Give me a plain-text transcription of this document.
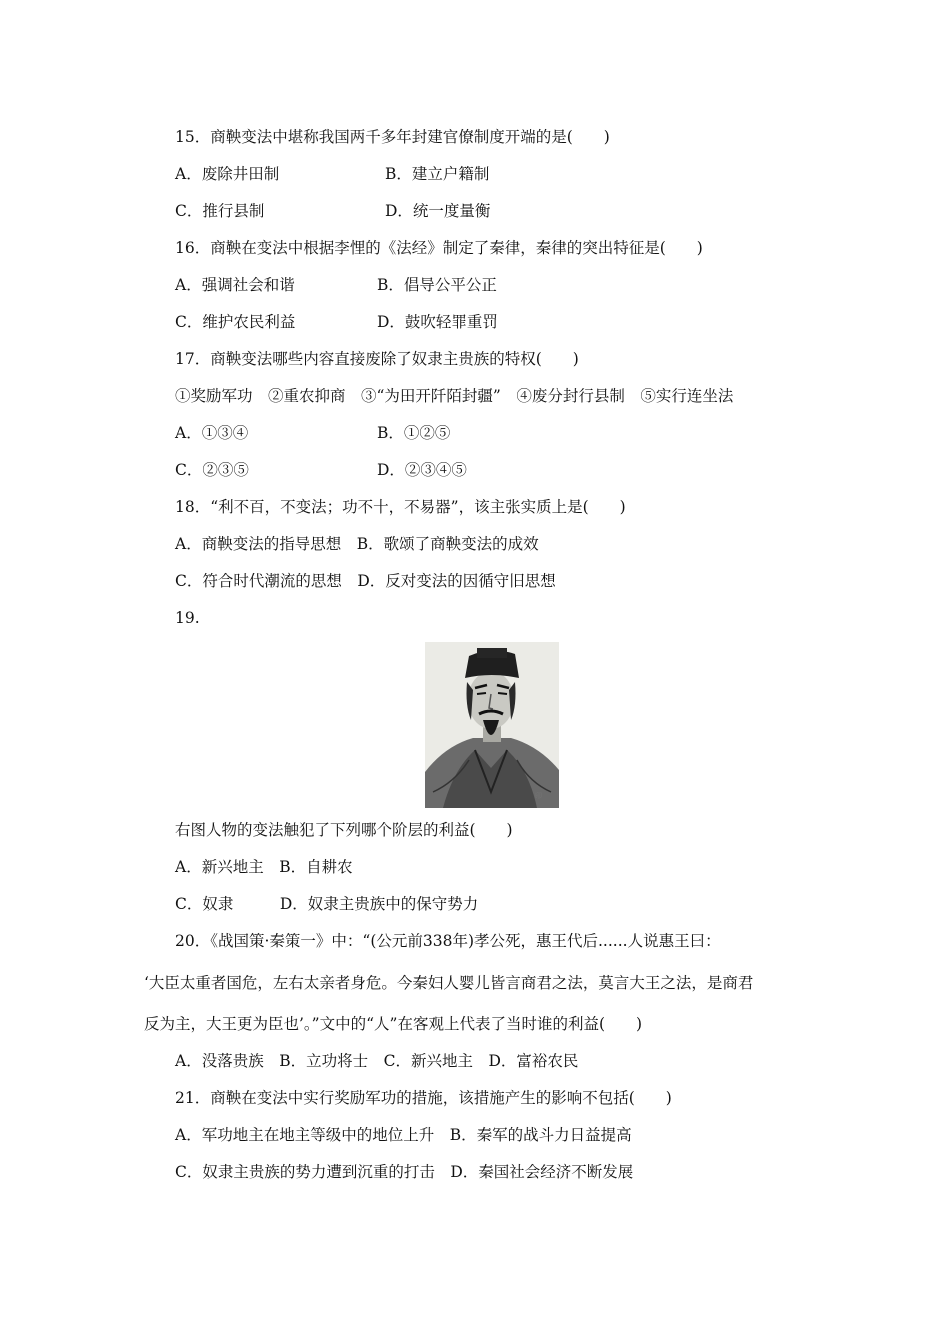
15．商鞅变法中堪称我国两千多年封建官僚制度开端的是(　　)
A．废除井田制	B．建立户籍制
C．推行县制	D．统一度量衡
16．商鞅在变法中根据李悝的《法经》制定了秦律，秦律的突出特征是(　　)
A．强调社会和谐	B．倡导公平公正
C．维护农民利益	D．鼓吹轻罪重罚
17．商鞅变法哪些内容直接废除了奴隶主贵族的特权(　　)
①奖励军功　②重农抑商　③“为田开阡陌封疆”　④废分封行县制　⑤实行连坐法
A．①③④	B．①②⑤
C．②③⑤	D．②③④⑤
18．“利不百，不变法；功不十，不易器”，该主张实质上是(　　)
A．商鞅变法的指导思想　B．歌颂了商鞅变法的成效
C．符合时代潮流的思想　D．反对变法的因循守旧思想
19.
印
右图人物的变法触犯了下列哪个阶层的利益(　　)
A．新兴地主　B．自耕农
C．奴隶　　　D．奴隶主贵族中的保守势力
20．《战国策·秦策一》中：“(公元前338年)孝公死，惠王代后......人说惠王曰：
‘大臣太重者国危，左右太亲者身危。今秦妇人婴儿皆言商君之法，莫言大王之法，是商君
反为主，大王更为臣也’。”文中的“人”在客观上代表了当时谁的利益(　　)
A．没落贵族　B．立功将士　C．新兴地主　D．富裕农民
21．商鞅在变法中实行奖励军功的措施，该措施产生的影响不包括(　　)
A．军功地主在地主等级中的地位上升　B．秦军的战斗力日益提高
C．奴隶主贵族的势力遭到沉重的打击　D．秦国社会经济不断发展
